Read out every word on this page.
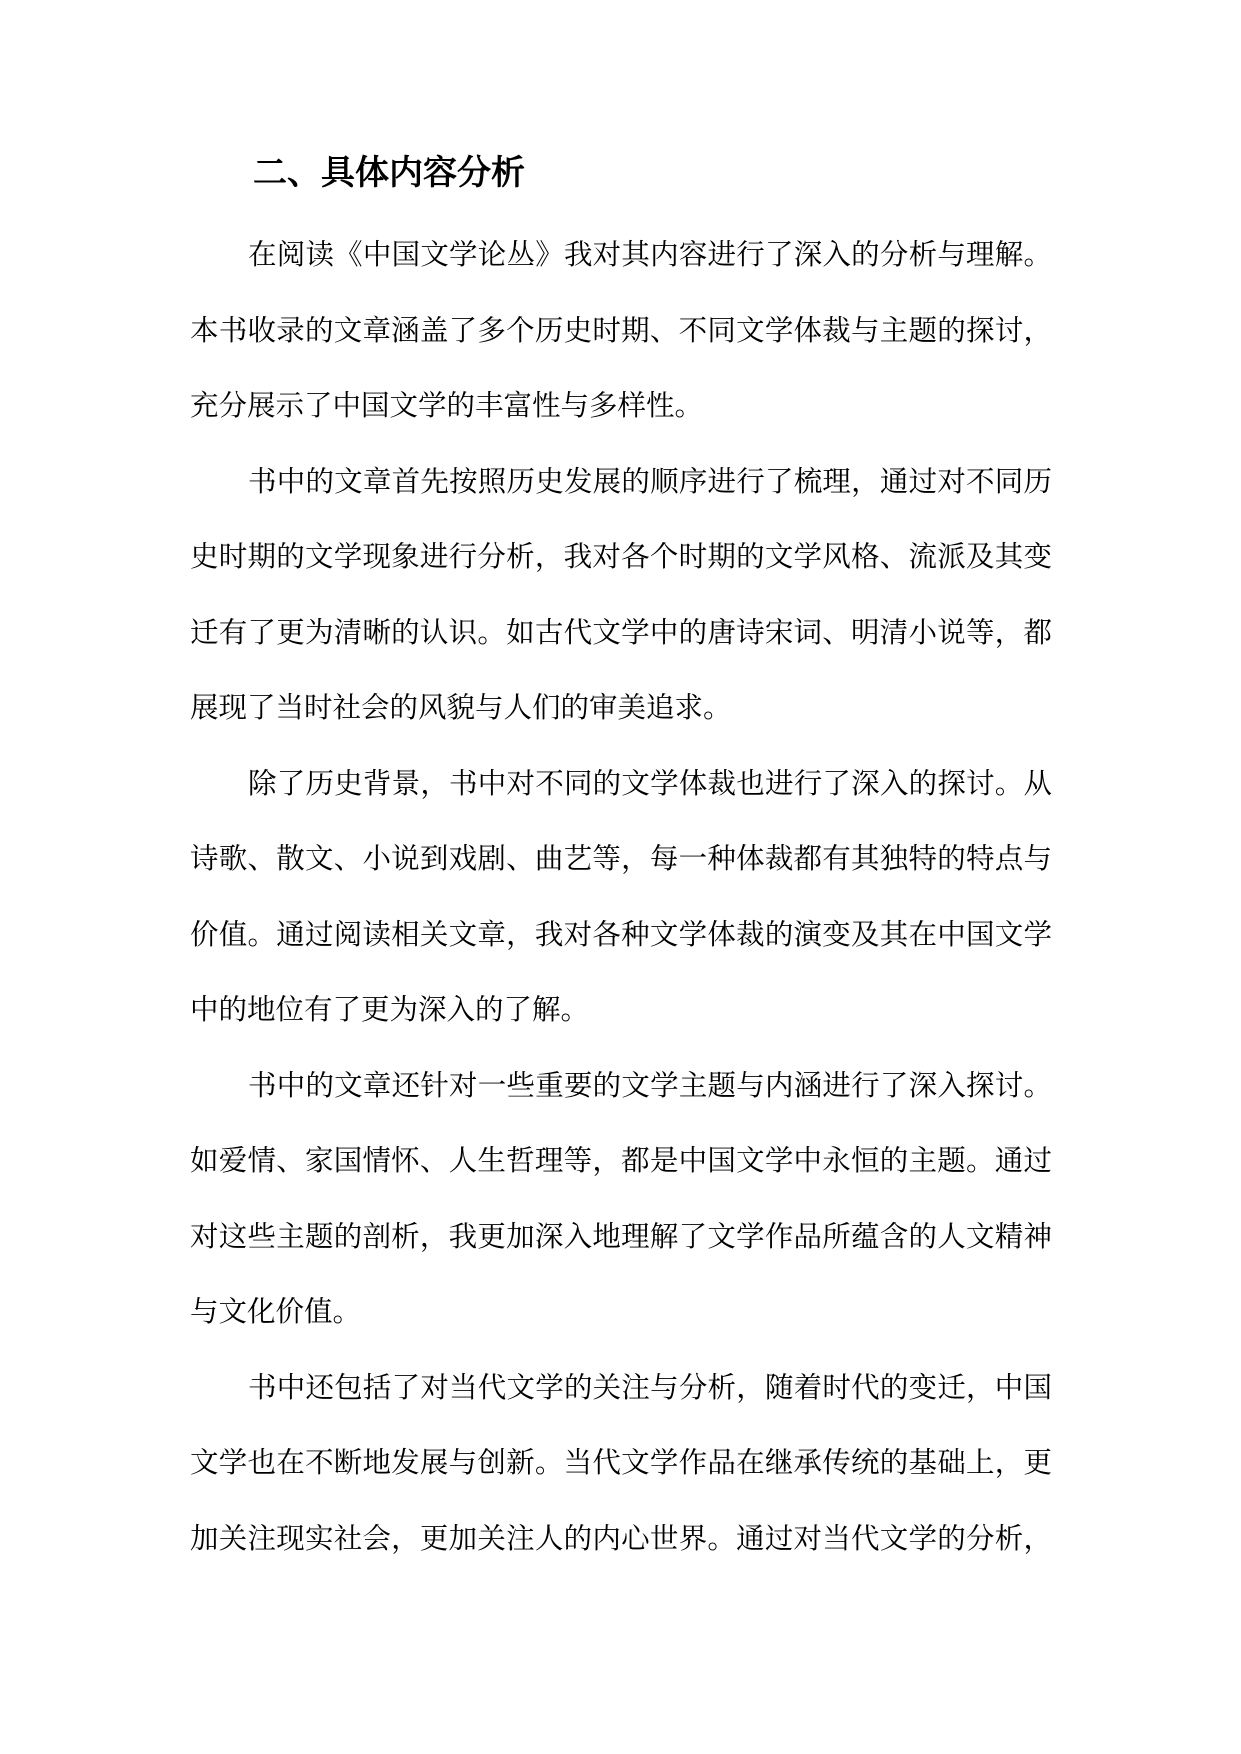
二、具体内容分析
在阅读《中国文学论丛》我对其内容进行了深入的分析与理解。
本书收录的文章涵盖了多个历史时期、不同文学体裁与主题的探讨，
充分展示了中国文学的丰富性与多样性。
书中的文章首先按照历史发展的顺序进行了梳理，通过对不同历
史时期的文学现象进行分析，我对各个时期的文学风格、流派及其变
迁有了更为清晰的认识。如古代文学中的唐诗宋词、明清小说等，都
展现了当时社会的风貌与人们的审美追求。
除了历史背景，书中对不同的文学体裁也进行了深入的探讨。从
诗歌、散文、小说到戏剧、曲艺等，每一种体裁都有其独特的特点与
价值。通过阅读相关文章，我对各种文学体裁的演变及其在中国文学
中的地位有了更为深入的了解。
书中的文章还针对一些重要的文学主题与内涵进行了深入探讨。
如爱情、家国情怀、人生哲理等，都是中国文学中永恒的主题。通过
对这些主题的剖析，我更加深入地理解了文学作品所蕴含的人文精神
与文化价值。
书中还包括了对当代文学的关注与分析，随着时代的变迁，中国
文学也在不断地发展与创新。当代文学作品在继承传统的基础上，更
加关注现实社会，更加关注人的内心世界。通过对当代文学的分析，
